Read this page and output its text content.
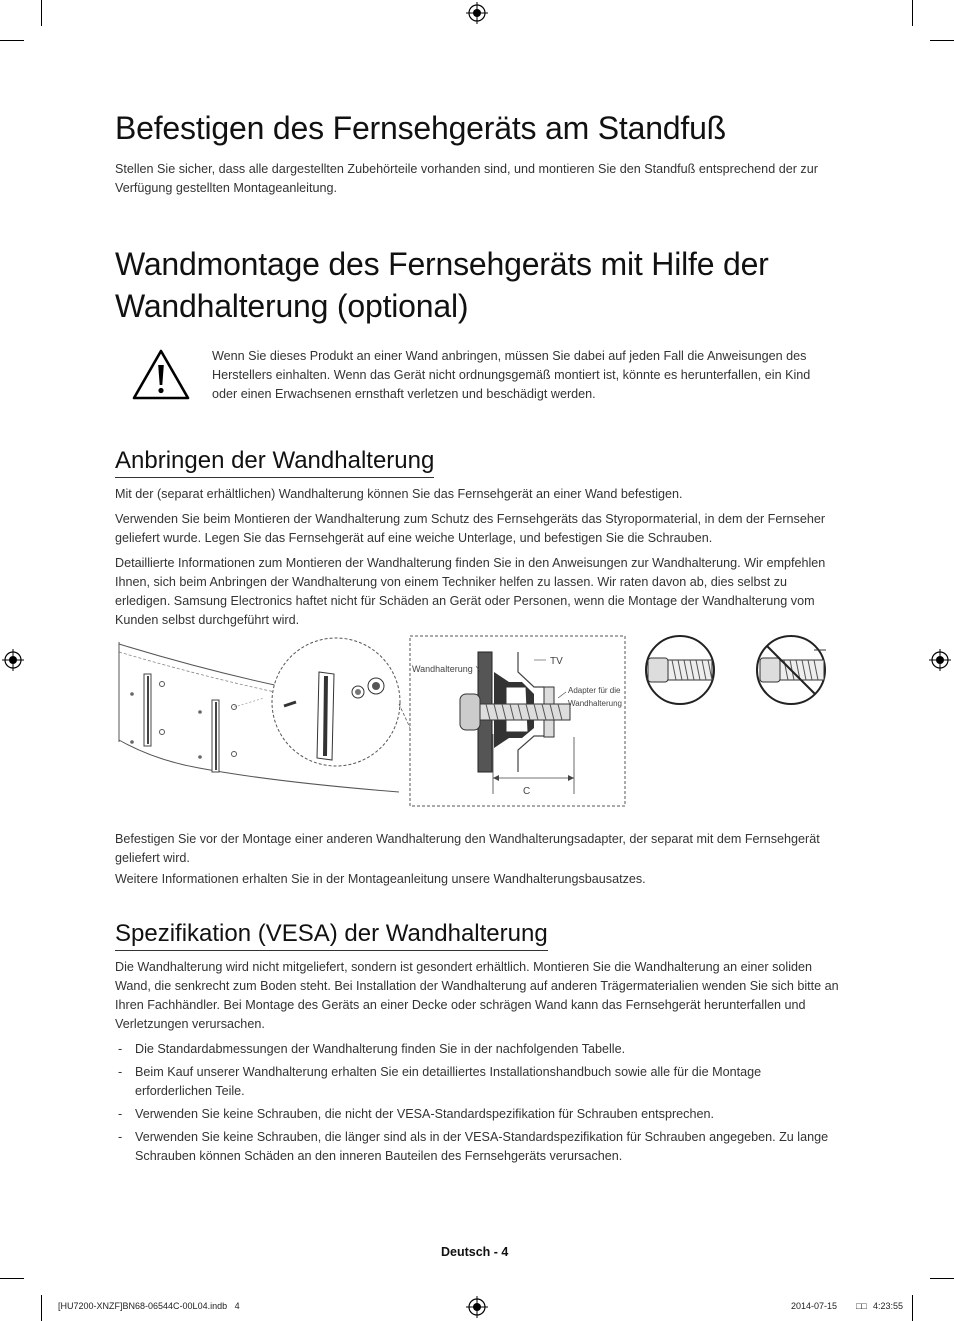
Befestigen des Fernsehgeräts am Standfuß

Stellen Sie sicher, dass alle dargestellten Zubehörteile vorhanden sind, und montieren Sie den Standfuß entsprechend der zur Verfügung gestellten Montageanleitung.

Wandmontage des Fernsehgeräts mit Hilfe der
Wandhalterung (optional)

Wenn Sie dieses Produkt an einer Wand anbringen, müssen Sie dabei auf jeden Fall die Anweisungen des Herstellers einhalten. Wenn das Gerät nicht ordnungsgemäß montiert ist, könnte es herunterfallen, ein Kind oder einen Erwachsenen ernsthaft verletzen und beschädigt werden.

Anbringen der Wandhalterung

Mit der (separat erhältlichen) Wandhalterung können Sie das Fernsehgerät an einer Wand befestigen.

Verwenden Sie beim Montieren der Wandhalterung zum Schutz des Fernsehgeräts das Styropormaterial, in dem der Fernseher geliefert wurde. Legen Sie das Fernsehgerät auf eine weiche Unterlage, und befestigen Sie die Schrauben.

Detaillierte Informationen zum Montieren der Wandhalterung finden Sie in den Anweisungen zur Wandhalterung. Wir empfehlen Ihnen, sich beim Anbringen der Wandhalterung von einem Techniker helfen zu lassen. Wir raten davon ab, dies selbst zu erledigen. Samsung Electronics haftet nicht für Schäden an Gerät oder Personen, wenn die Montage der Wandhalterung vom Kunden selbst durchgeführt wird.

Wandhalterung
TV
Adapter für die
Wandhalterung
C

Befestigen Sie vor der Montage einer anderen Wandhalterung den Wandhalterungsadapter, der separat mit dem Fernsehgerät geliefert wird.

Weitere Informationen erhalten Sie in der Montageanleitung unsere Wandhalterungsbausatzes.

Spezifikation (VESA) der Wandhalterung

Die Wandhalterung wird nicht mitgeliefert, sondern ist gesondert erhältlich. Montieren Sie die Wandhalterung an einer soliden Wand, die senkrecht zum Boden steht. Bei Installation der Wandhalterung auf anderen Trägermaterialien wenden Sie sich bitte an Ihren Fachhändler. Bei Montage des Geräts an einer Decke oder schrägen Wand kann das Fernsehgerät herunterfallen und Verletzungen verursachen.

- Die Standardabmessungen der Wandhalterung finden Sie in der nachfolgenden Tabelle.
- Beim Kauf unserer Wandhalterung erhalten Sie ein detailliertes Installationshandbuch sowie alle für die Montage erforderlichen Teile.
- Verwenden Sie keine Schrauben, die nicht der VESA-Standardspezifikation für Schrauben entsprechen.
- Verwenden Sie keine Schrauben, die länger sind als in der VESA-Standardspezifikation für Schrauben angegeben. Zu lange Schrauben können Schäden an den inneren Bauteilen des Fernsehgeräts verursachen.
Deutsch - 4
[HU7200-XNZF]BN68-06544C-00L04.indb   4	2014-07-15 □□ 4:23:55
